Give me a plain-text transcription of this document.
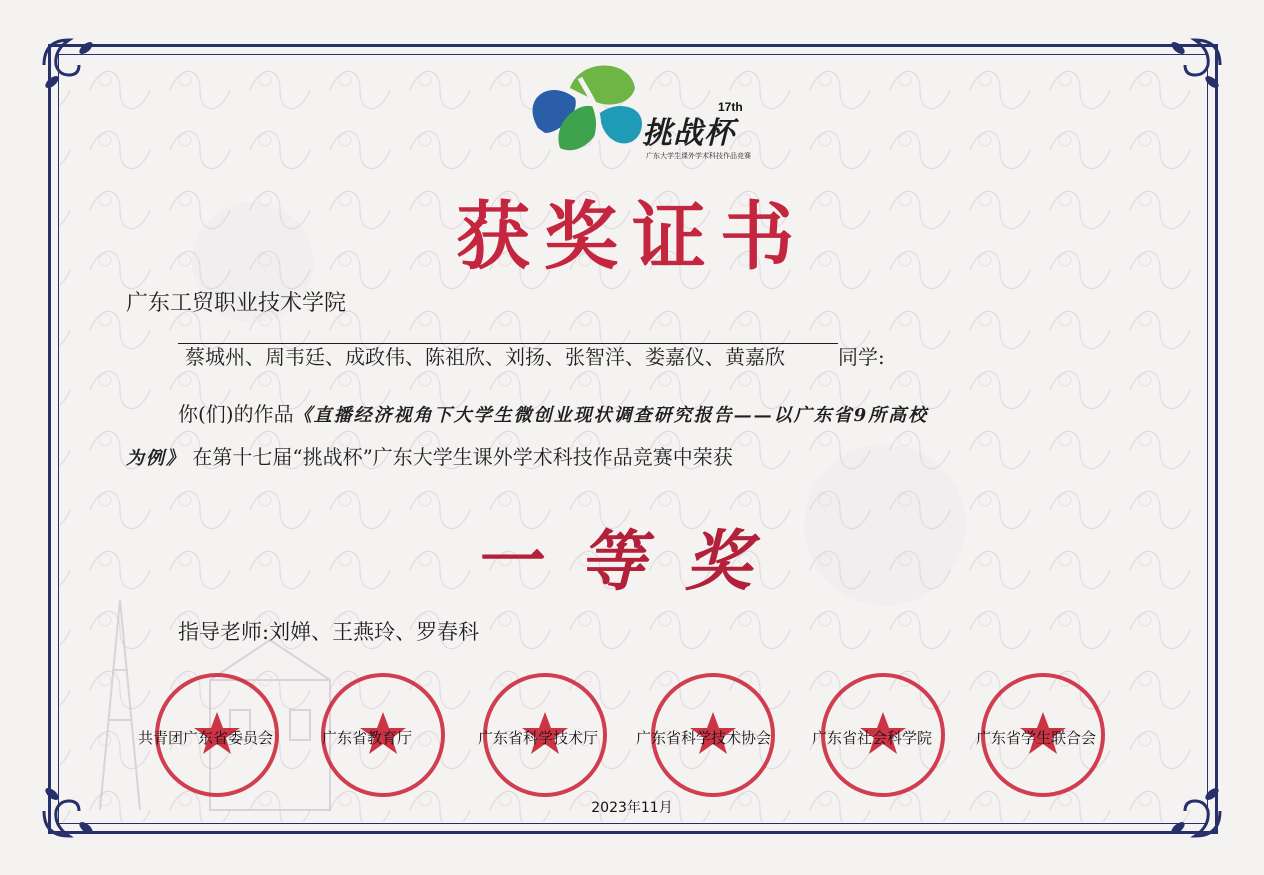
17th
挑战杯
广东大学生课外学术科技作品竞赛
获奖证书
广东工贸职业技术学院
蔡城州、周韦廷、成政伟、陈祖欣、刘扬、张智洋、娄嘉仪、黄嘉欣	同学:
你(们)的作品《直播经济视角下大学生微创业现状调查研究报告——以广东省9所高校
为例》 在第十七届“挑战杯”广东大学生课外学术科技作品竞赛中荣获
一等奖
指导老师:刘婵、王燕玲、罗春科
共青团广东省委员会	广东省教育厅	广东省科学技术厅	广东省科学技术协会	广东省社会科学院	广东省学生联合会
2023年11月
